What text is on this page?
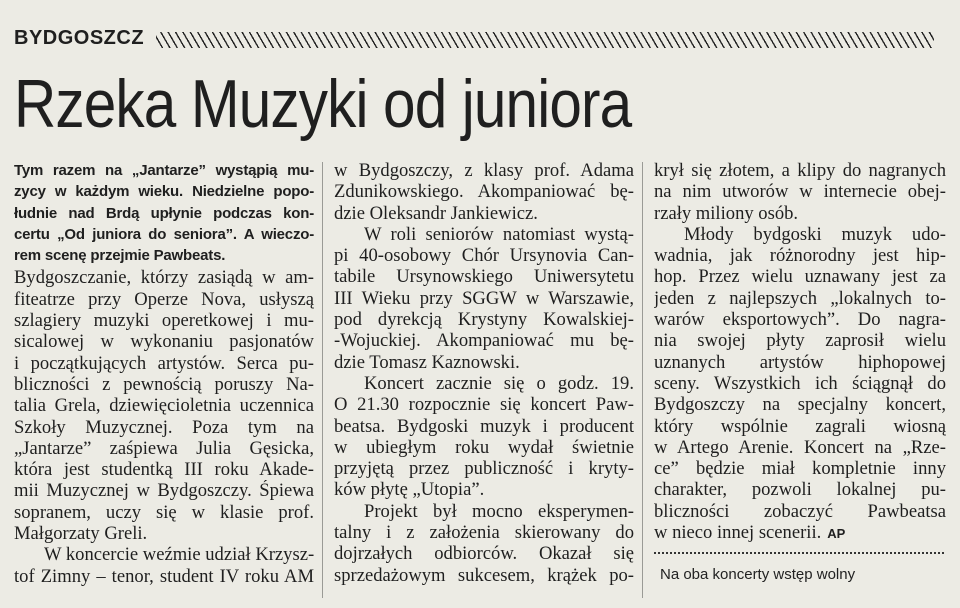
BYDGOSZCZ
Rzeka Muzyki od juniora
Tym razem na „Jantarze” wystąpią mu-
zycy w każdym wieku. Niedzielne popo-
łudnie nad Brdą upłynie podczas kon-
certu „Od juniora do seniora”. A wieczo-
rem scenę przejmie Pawbeats.
Bydgoszczanie, którzy zasiądą w am-
fiteatrze przy Operze Nova, usłyszą
szlagiery muzyki operetkowej i mu-
sicalowej w wykonaniu pasjonatów
i początkujących artystów. Serca pu-
bliczności z pewnością poruszy Na-
talia Grela, dziewięcioletnia uczennica
Szkoły Muzycznej. Poza tym na
„Jantarze” zaśpiewa Julia Gęsicka,
która jest studentką III roku Akade-
mii Muzycznej w Bydgoszczy. Śpiewa
sopranem, uczy się w klasie prof.
Małgorzaty Greli.
W koncercie weźmie udział Krzysz-
tof Zimny – tenor, student IV roku AM
w Bydgoszczy, z klasy prof. Adama
Zdunikowskiego. Akompaniować bę-
dzie Oleksandr Jankiewicz.
W roli seniorów natomiast wystą-
pi 40-osobowy Chór Ursynovia Can-
tabile Ursynowskiego Uniwersytetu
III Wieku przy SGGW w Warszawie,
pod dyrekcją Krystyny Kowalskiej-
-Wojuckiej. Akompaniować mu bę-
dzie Tomasz Kaznowski.
Koncert zacznie się o godz. 19.
O 21.30 rozpocznie się koncert Paw-
beatsa. Bydgoski muzyk i producent
w ubiegłym roku wydał świetnie
przyjętą przez publiczność i kryty-
ków płytę „Utopia”.
Projekt był mocno eksperymen-
talny i z założenia skierowany do
dojrzałych odbiorców. Okazał się
sprzedażowym sukcesem, krążek po-
krył się złotem, a klipy do nagranych
na nim utworów w internecie obej-
rzały miliony osób.
Młody bydgoski muzyk udo-
wadnia, jak różnorodny jest hip-
hop. Przez wielu uznawany jest za
jeden z najlepszych „lokalnych to-
warów eksportowych”. Do nagra-
nia swojej płyty zaprosił wielu
uznanych artystów hiphopowej
sceny. Wszystkich ich ściągnął do
Bydgoszczy na specjalny koncert,
który wspólnie zagrali wiosną
w Artego Arenie. Koncert na „Rze-
ce” będzie miał kompletnie inny
charakter, pozwoli lokalnej pu-
bliczności zobaczyć Pawbeatsa
w nieco innej scenerii. AP
Na oba koncerty wstęp wolny
